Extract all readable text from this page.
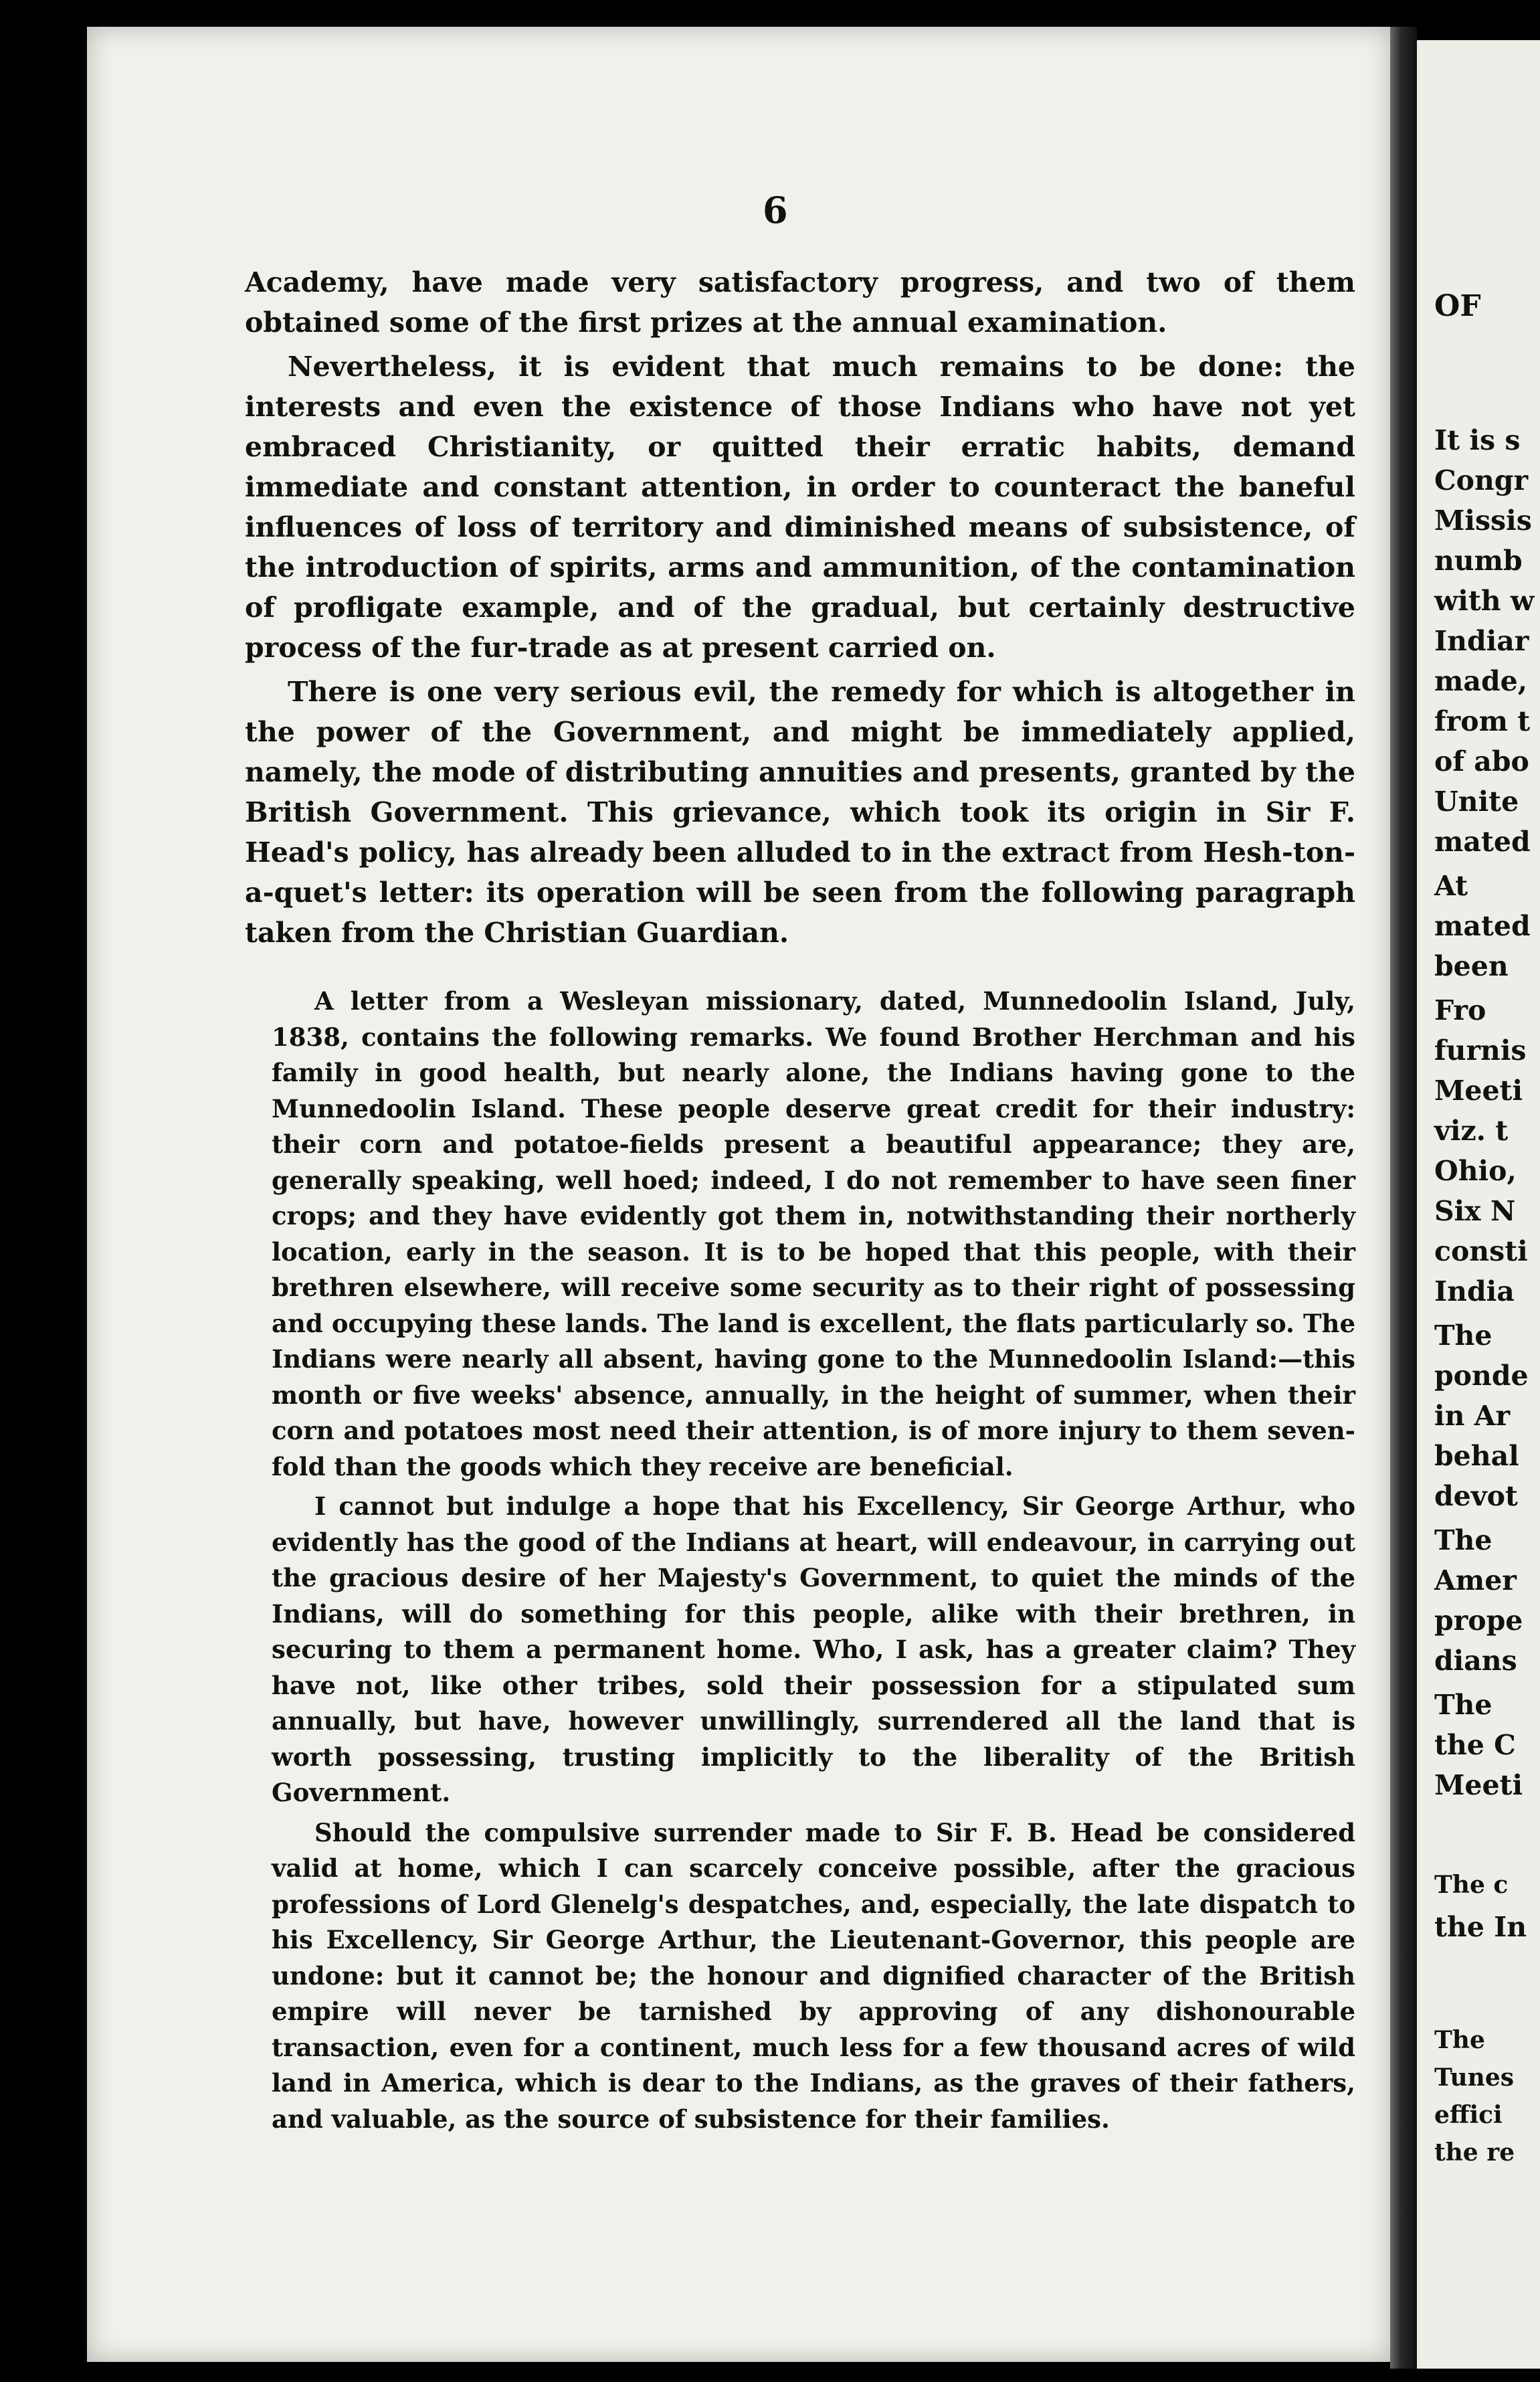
OF
It is s
Congr
Missis
numb
with w
Indiar
made,
from t
of abo
Unite
mated
At
mated
been
Fro
furnis
Meeti
viz. t
Ohio,
Six N
consti
India
The
ponde
in Ar
behal
devot
The
Amer
prope
dians
The
the C
Meeti
The c
the In
The
Tunes
effici
the re
6

Academy, have made very satisfactory progress, and two of them obtained some of the first prizes at the annual examination.

Nevertheless, it is evident that much remains to be done: the interests and even the existence of those Indians who have not yet embraced Christianity, or quitted their erratic habits, demand immediate and constant attention, in order to counteract the baneful influences of loss of territory and diminished means of subsistence, of the introduction of spirits, arms and ammunition, of the contamination of profligate example, and of the gradual, but certainly destructive process of the fur-trade as at present carried on.

There is one very serious evil, the remedy for which is altogether in the power of the Government, and might be immediately applied, namely, the mode of distributing annuities and presents, granted by the British Government. This grievance, which took its origin in Sir F. Head's policy, has already been alluded to in the extract from Hesh-ton-a-quet's letter: its operation will be seen from the following paragraph taken from the Christian Guardian.

A letter from a Wesleyan missionary, dated, Munnedoolin Island, July, 1838, contains the following remarks. We found Brother Herchman and his family in good health, but nearly alone, the Indians having gone to the Munnedoolin Island. These people deserve great credit for their industry: their corn and potatoe-fields present a beautiful appearance; they are, generally speaking, well hoed; indeed, I do not remember to have seen finer crops; and they have evidently got them in, notwithstanding their northerly location, early in the season. It is to be hoped that this people, with their brethren elsewhere, will receive some security as to their right of possessing and occupying these lands. The land is excellent, the flats particularly so. The Indians were nearly all absent, having gone to the Munnedoolin Island:—this month or five weeks' absence, annually, in the height of summer, when their corn and potatoes most need their attention, is of more injury to them seven-fold than the goods which they receive are beneficial.

I cannot but indulge a hope that his Excellency, Sir George Arthur, who evidently has the good of the Indians at heart, will endeavour, in carrying out the gracious desire of her Majesty's Government, to quiet the minds of the Indians, will do something for this people, alike with their brethren, in securing to them a permanent home. Who, I ask, has a greater claim? They have not, like other tribes, sold their possession for a stipulated sum annually, but have, however unwillingly, surrendered all the land that is worth possessing, trusting implicitly to the liberality of the British Government.

Should the compulsive surrender made to Sir F. B. Head be considered valid at home, which I can scarcely conceive possible, after the gracious professions of Lord Glenelg's despatches, and, especially, the late dispatch to his Excellency, Sir George Arthur, the Lieutenant-Governor, this people are undone: but it cannot be; the honour and dignified character of the British empire will never be tarnished by approving of any dishonourable transaction, even for a continent, much less for a few thousand acres of wild land in America, which is dear to the Indians, as the graves of their fathers, and valuable, as the source of subsistence for their families.
